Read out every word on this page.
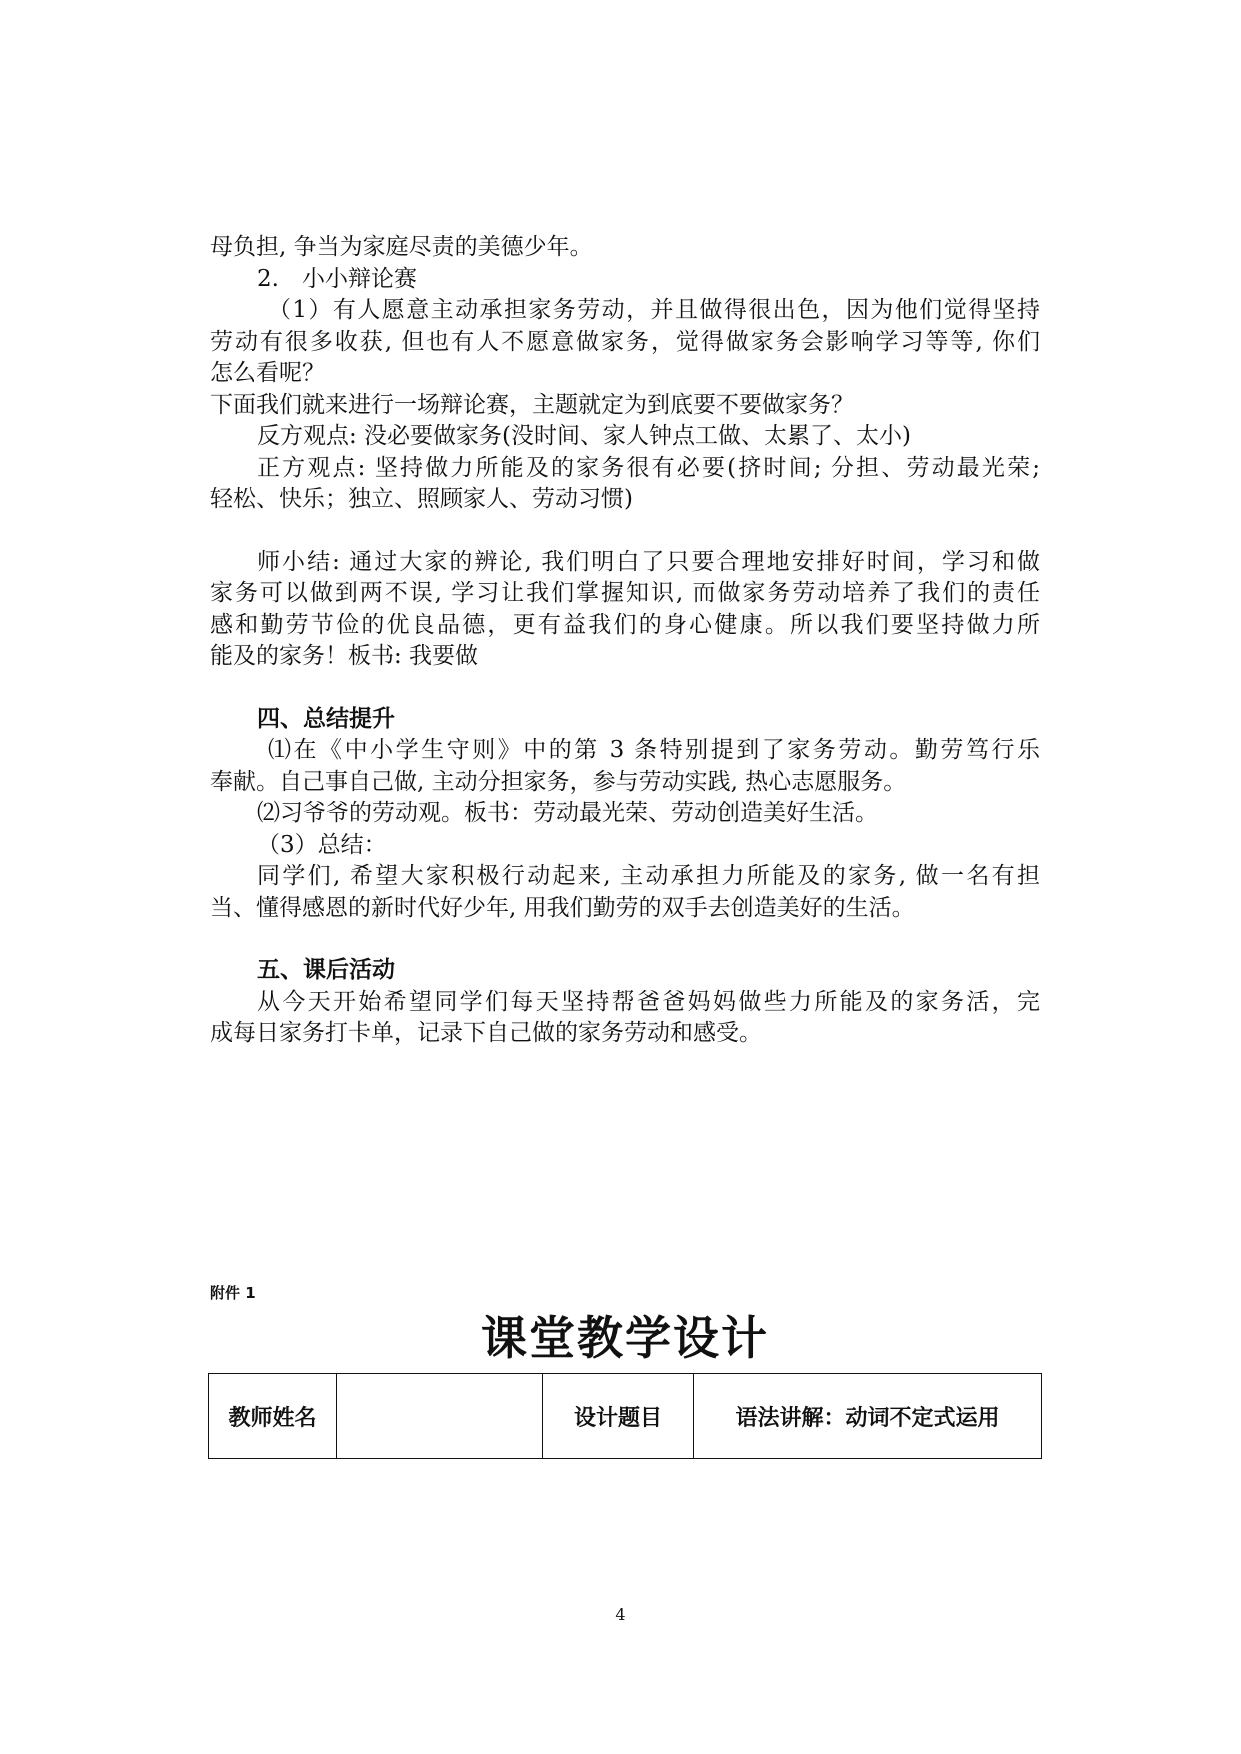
母负担, 争当为家庭尽责的美德少年。
2.　小小辩论赛
（1）有人愿意主动承担家务劳动，并且做得很出色，因为他们觉得坚持
劳动有很多收获, 但也有人不愿意做家务，觉得做家务会影响学习等等, 你们
怎么看呢？
下面我们就来进行一场辩论赛，主题就定为到底要不要做家务？
反方观点: 没必要做家务(没时间、家人钟点工做、太累了、太小)
正方观点: 坚持做力所能及的家务很有必要(挤时间; 分担、劳动最光荣;
轻松、快乐；独立、照顾家人、劳动习惯)
师小结: 通过大家的辨论, 我们明白了只要合理地安排好时间，学习和做
家务可以做到两不误, 学习让我们掌握知识, 而做家务劳动培养了我们的责任
感和勤劳节俭的优良品德，更有益我们的身心健康。所以我们要坚持做力所
能及的家务！板书: 我要做
四、总结提升
⑴在《中小学生守则》中的第 3 条特别提到了家务劳动。勤劳笃行乐
奉献。自己事自己做, 主动分担家务，参与劳动实践, 热心志愿服务。
⑵习爷爷的劳动观。板书：劳动最光荣、劳动创造美好生活。
（3）总结：
同学们, 希望大家积极行动起来, 主动承担力所能及的家务, 做一名有担
当、懂得感恩的新时代好少年, 用我们勤劳的双手去创造美好的生活。
五、课后活动
从今天开始希望同学们每天坚持帮爸爸妈妈做些力所能及的家务活，完
成每日家务打卡单，记录下自己做的家务劳动和感受。
附件 1
课堂教学设计
教师姓名		设计题目	语法讲解：动词不定式运用
4
